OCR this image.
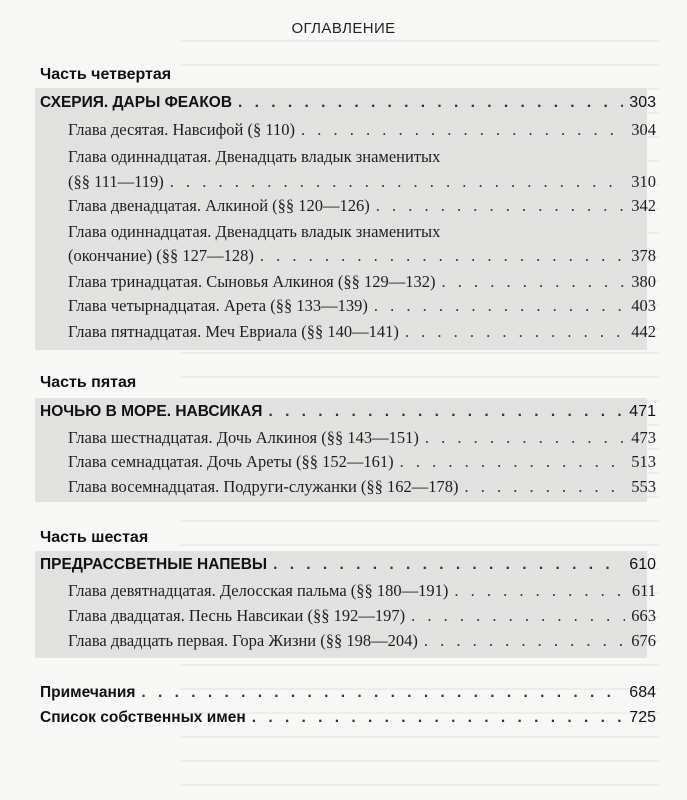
ОГЛАВЛЕНИЕ
Часть четвертая
СХЕРИЯ. ДАРЫ ФЕАКОВ . . .	303
Глава десятая. Навсифой (§ 110) . . .	304
Глава одиннадцатая. Двенадцать владык знаменитых
(§§ 111—119) . . .	310
Глава двенадцатая. Алкиной (§§ 120—126) . . .	342
Глава одиннадцатая. Двенадцать владык знаменитых
(окончание) (§§ 127—128) . . .	378
Глава тринадцатая. Сыновья Алкиноя (§§ 129—132) . . .	380
Глава четырнадцатая. Арета (§§ 133—139) . . .	403
Глава пятнадцатая. Меч Евриала (§§ 140—141) . . .	442
Часть пятая
НОЧЬЮ В МОРЕ. НАВСИКАЯ . . .	471
Глава шестнадцатая. Дочь Алкиноя (§§ 143—151) . . .	473
Глава семнадцатая. Дочь Ареты (§§ 152—161) . . .	513
Глава восемнадцатая. Подруги-служанки (§§ 162—178) . . .	553
Часть шестая
ПРЕДРАССВЕТНЫЕ НАПЕВЫ . . .	610
Глава девятнадцатая. Делосская пальма (§§ 180—191) . . .	611
Глава двадцатая. Песнь Навсикаи (§§ 192—197) . . .	663
Глава двадцать первая. Гора Жизни (§§ 198—204) . . .	676
Примечания . . .	684
Список собственных имен . . .	725
